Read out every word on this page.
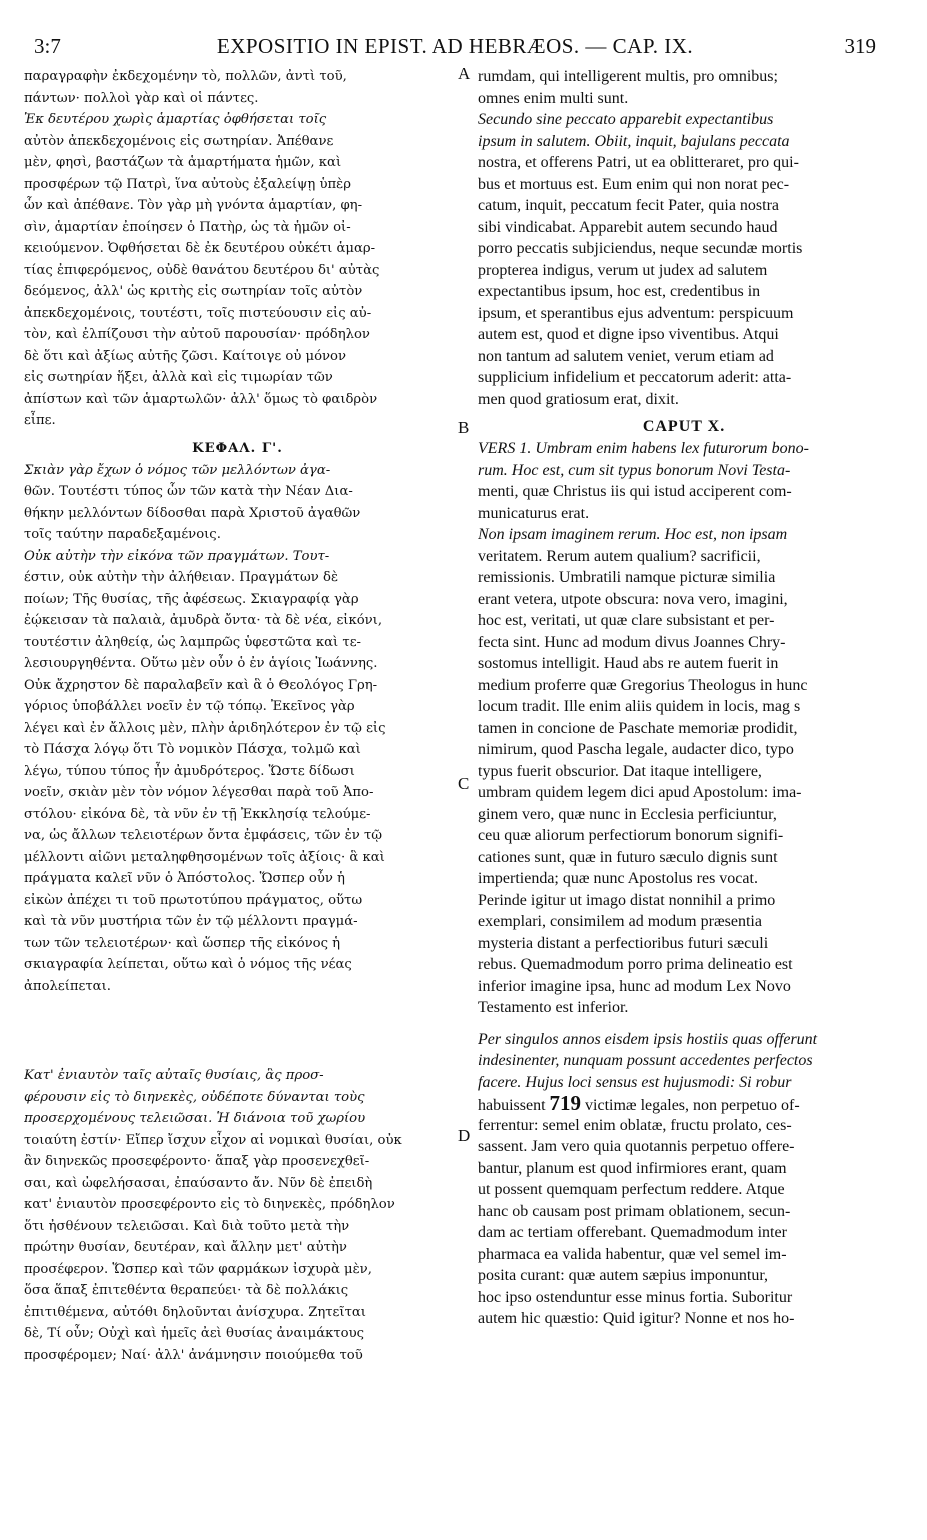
3:7	EXPOSITIO IN EPIST. AD HEBRÆOS. — CAP. IX.	319
A
B
C
D
παραγραφὴν ἐκδεχομένην τὸ, πολλῶν, ἀντὶ τοῦ,
πάντων· πολλοὶ γὰρ καὶ οἱ πάντες.
Ἐκ δευτέρου χωρὶς ἁμαρτίας ὀφθήσεται τοῖς
αὐτὸν ἀπεκδεχομένοις εἰς σωτηρίαν. Ἀπέθανε
μὲν, φησὶ, βαστάζων τὰ ἁμαρτήματα ἡμῶν, καὶ
προσφέρων τῷ Πατρὶ, ἵνα αὐτοὺς ἐξαλείψῃ ὑπὲρ
ὧν καὶ ἀπέθανε. Τὸν γὰρ μὴ γνόντα ἁμαρτίαν, φη-
σὶν, ἁμαρτίαν ἐποίησεν ὁ Πατὴρ, ὡς τὰ ἡμῶν οἰ-
κειούμενον. Ὀφθήσεται δὲ ἐκ δευτέρου οὐκέτι ἁμαρ-
τίας ἐπιφερόμενος, οὐδὲ θανάτου δευτέρου δι' αὐτὰς
δεόμενος, ἀλλ' ὡς κριτὴς εἰς σωτηρίαν τοῖς αὐτὸν
ἀπεκδεχομένοις, τουτέστι, τοῖς πιστεύουσιν εἰς αὐ-
τὸν, καὶ ἐλπίζουσι τὴν αὐτοῦ παρουσίαν· πρόδηλον
δὲ ὅτι καὶ ἀξίως αὐτῆς ζῶσι. Καίτοιγε οὐ μόνον
εἰς σωτηρίαν ἥξει, ἀλλὰ καὶ εἰς τιμωρίαν τῶν
ἀπίστων καὶ τῶν ἁμαρτωλῶν· ἀλλ' ὅμως τὸ φαιδρὸν
εἶπε.
ΚΕΦΑΛ. Γ'.
Σκιὰν γὰρ ἔχων ὁ νόμος τῶν μελλόντων ἀγα-
θῶν. Τουτέστι τύπος ὧν τῶν κατὰ τὴν Νέαν Δια-
θήκην μελλόντων δίδοσθαι παρὰ Χριστοῦ ἀγαθῶν
τοῖς ταύτην παραδεξαμένοις.
Οὐκ αὐτὴν τὴν εἰκόνα τῶν πραγμάτων. Τουτ-
έστιν, οὐκ αὐτὴν τὴν ἀλήθειαν. Πραγμάτων δὲ
ποίων; Τῆς θυσίας, τῆς ἀφέσεως. Σκιαγραφίᾳ γὰρ
ἐῴκεισαν τὰ παλαιὰ, ἀμυδρὰ ὄντα· τὰ δὲ νέα, εἰκόνι,
τουτέστιν ἀληθείᾳ, ὡς λαμπρῶς ὑφεστῶτα καὶ τε-
λεσιουργηθέντα. Οὕτω μὲν οὖν ὁ ἐν ἁγίοις Ἰωάννης.
Οὐκ ἄχρηστον δὲ παραλαβεῖν καὶ ἃ ὁ Θεολόγος Γρη-
γόριος ὑποβάλλει νοεῖν ἐν τῷ τόπῳ. Ἐκεῖνος γὰρ
λέγει καὶ ἐν ἄλλοις μὲν, πλὴν ἀριδηλότερον ἐν τῷ εἰς
τὸ Πάσχα λόγῳ ὅτι Τὸ νομικὸν Πάσχα, τολμῶ καὶ
λέγω, τύπου τύπος ἦν ἀμυδρότερος. Ὥστε δίδωσι
νοεῖν, σκιὰν μὲν τὸν νόμον λέγεσθαι παρὰ τοῦ Ἀπο-
στόλου· εἰκόνα δὲ, τὰ νῦν ἐν τῇ Ἐκκλησίᾳ τελούμε-
να, ὡς ἄλλων τελειοτέρων ὄντα ἐμφάσεις, τῶν ἐν τῷ
μέλλοντι αἰῶνι μεταληφθησομένων τοῖς ἀξίοις· ἃ καὶ
πράγματα καλεῖ νῦν ὁ Ἀπόστολος. Ὥσπερ οὖν ἡ
εἰκὼν ἀπέχει τι τοῦ πρωτοτύπου πράγματος, οὕτω
καὶ τὰ νῦν μυστήρια τῶν ἐν τῷ μέλλοντι πραγμά-
των τῶν τελειοτέρων· καὶ ὥσπερ τῆς εἰκόνος ἡ
σκιαγραφία λείπεται, οὕτω καὶ ὁ νόμος τῆς νέας
ἀπολείπεται.
Κατ' ἐνιαυτὸν ταῖς αὐταῖς θυσίαις, ἃς προσ-
φέρουσιν εἰς τὸ διηνεκὲς, οὐδέποτε δύνανται τοὺς
προσερχομένους τελειῶσαι. Ἡ διάνοια τοῦ χωρίου
τοιαύτη ἐστίν· Εἴπερ ἴσχυν εἶχον αἱ νομικαὶ θυσίαι, οὐκ
ἂν διηνεκῶς προσεφέροντο· ἅπαξ γὰρ προσενεχθεῖ-
σαι, καὶ ὠφελήσασαι, ἐπαύσαντο ἄν. Νῦν δὲ ἐπειδὴ
κατ' ἐνιαυτὸν προσεφέροντο εἰς τὸ διηνεκὲς, πρόδηλον
ὅτι ἠσθένουν τελειῶσαι. Καὶ διὰ τοῦτο μετὰ τὴν
πρώτην θυσίαν, δευτέραν, καὶ ἄλλην μετ' αὐτὴν
προσέφερον. Ὥσπερ καὶ τῶν φαρμάκων ἰσχυρὰ μὲν,
ὅσα ἅπαξ ἐπιτεθέντα θεραπεύει· τὰ δὲ πολλάκις
ἐπιτιθέμενα, αὐτόθι δηλοῦνται ἀνίσχυρα. Ζητεῖται
δὲ, Τί οὖν; Οὐχὶ καὶ ἡμεῖς ἀεὶ θυσίας ἀναιμάκτους
προσφέρομεν; Ναί· ἀλλ' ἀνάμνησιν ποιούμεθα τοῦ
rumdam, qui intelligerent multis, pro omnibus;
omnes enim multi sunt.
Secundo sine peccato apparebit expectantibus
ipsum in salutem. Obiit, inquit, bajulans peccata
nostra, et offerens Patri, ut ea oblitteraret, pro qui-
bus et mortuus est. Eum enim qui non norat pec-
catum, inquit, peccatum fecit Pater, quia nostra
sibi vindicabat. Apparebit autem secundo haud
porro peccatis subjiciendus, neque secundæ mortis
propterea indigus, verum ut judex ad salutem
expectantibus ipsum, hoc est, credentibus in
ipsum, et sperantibus ejus adventum: perspicuum
autem est, quod et digne ipso viventibus. Atqui
non tantum ad salutem veniet, verum etiam ad
supplicium infidelium et peccatorum aderit: atta-
men quod gratiosum erat, dixit.
CAPUT X.
VERS 1. Umbram enim habens lex futurorum bono-
rum. Hoc est, cum sit typus bonorum Novi Testa-
menti, quæ Christus iis qui istud acciperent com-
municaturus erat.
Non ipsam imaginem rerum. Hoc est, non ipsam
veritatem. Rerum autem qualium? sacrificii,
remissionis. Umbratili namque picturæ similia
erant vetera, utpote obscura: nova vero, imagini,
hoc est, veritati, ut quæ clare subsistant et per-
fecta sint. Hunc ad modum divus Joannes Chry-
sostomus intelligit. Haud abs re autem fuerit in
medium proferre quæ Gregorius Theologus in hunc
locum tradit. Ille enim aliis quidem in locis, mag s
tamen in concione de Paschate memoriæ prodidit,
nimirum, quod Pascha legale, audacter dico, typo
typus fuerit obscurior. Dat itaque intelligere,
umbram quidem legem dici apud Apostolum: ima-
ginem vero, quæ nunc in Ecclesia perficiuntur,
ceu quæ aliorum perfectiorum bonorum signifi-
cationes sunt, quæ in futuro sæculo dignis sunt
impertienda; quæ nunc Apostolus res vocat.
Perinde igitur ut imago distat nonnihil a primo
exemplari, consimilem ad modum præsentia
mysteria distant a perfectioribus futuri sæculi
rebus. Quemadmodum porro prima delineatio est
inferior imagine ipsa, hunc ad modum Lex Novo
Testamento est inferior.
Per singulos annos eisdem ipsis hostiis quas offerunt
indesinenter, nunquam possunt accedentes perfectos
facere. Hujus loci sensus est hujusmodi: Si robur
habuissent 719 victimæ legales, non perpetuo of-
ferrentur: semel enim oblatæ, fructu prolato, ces-
sassent. Jam vero quia quotannis perpetuo offere-
bantur, planum est quod infirmiores erant, quam
ut possent quemquam perfectum reddere. Atque
hanc ob causam post primam oblationem, secun-
dam ac tertiam offerebant. Quemadmodum inter
pharmaca ea valida habentur, quæ vel semel im-
posita curant: quæ autem sæpius imponuntur,
hoc ipso ostenduntur esse minus fortia. Suboritur
autem hic quæstio: Quid igitur? Nonne et nos ho-
